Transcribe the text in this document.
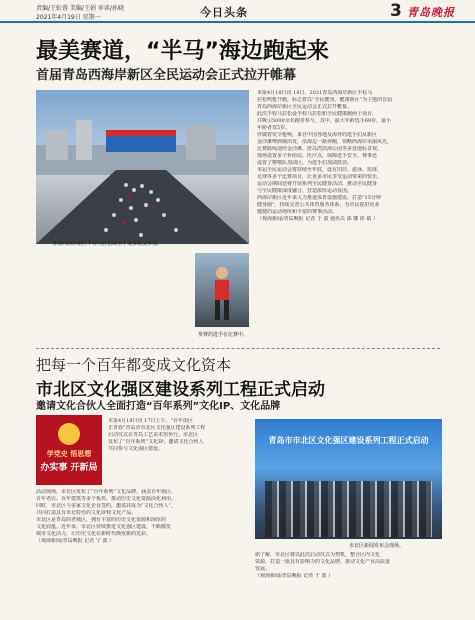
责编/王虹蓉 美编/王娟 审读/孙晓
2021年4月19日 星期一	今日头条	3 青岛晚报
最美赛道，“半马”海边跑起来
首届青岛西海岸新区全民运动会正式拉开帷幕
青岛西海岸新区半程马拉松吸引了众多跑友参加。
参赛的选手在比赛中。
本报4月18日讯 18日，2021青岛西海岸新区半程马
拉松鸣枪开跑，标志着以“全民健身，健康新区”为主题的首届
青岛西海岸新区全民运动会正式拉开帷幕。
此次半程马拉松设半程马拉松和全民健康跑两个项目，
共吸引5000余名跑者参与。其中，最大年龄选手69岁，最小
年龄者仅5岁。
伴随着发令枪响，来自中国各地及海外的选手们从新区
金沙滩啤酒城出发，沿海边一路奔跑，领略西海岸美丽风光。
比赛路线途经金沙滩、唐岛湾滨海公园等多处地标景观。
现场设置多个补给站、医疗点，保障选手安全。赛事还
设置了啦啦队加油区，为选手们加油鼓劲。
本届全民运动会将持续至年底，设有田径、游泳、篮球、
足球等多个比赛项目，让更多市民享受运动带来的快乐。
运动会期间还将开展系列全民健身活动，推动全民健身
与全民健康深度融合，营造浓厚运动氛围。
西海岸新区近年来大力推进体育设施建设，打造“15分钟
健身圈”，持续完善公共体育服务体系，为市民提供更多
便捷的运动场所和丰富的赛事活动。
（观海新闻/青岛晚报 记者 于 波 通讯员 邵 娜 徐 婧 ）
把每一个百年都变成文化资本
市北区文化强区建设系列工程正式启动
邀请文化合伙人全面打造“百年系列”文化IP、文化品牌
学党史 悟思想
办实事 开新局
本报4月18日讯 17日上午，“百年街区
正青春”青岛市市北区文化强区建设系列工程
启动仪式在青岛工艺美术馆举行。市北区
发布了“百年系列”文化IP，邀请文化合伙人
共同参与文化强区建设。
活动现场，市北区发布了“百年系列”文化品牌，涵盖百年街区、
百年老店、百年建筑等多个板块，推动历史文化资源活化利用。
同时，市北区与多家文化企业签约，邀请其成为“文化合伙人”，
共同打造具有市北特色的文化IP和文化产品。
市北区是青岛的老城区，拥有丰富的历史文化资源和深厚的
文化底蕴。近年来，市北区持续推进文化强区建设，不断激发
城市文化活力，让历史文化在新时代焕发新的光彩。
（观海新闻/青岛晚报 记者 宁 波 ）
青岛市市北区文化强区建设系列工程正式启动
市北区新闻发布会现场。
据了解，市北区将以此次启动仪式为契机，整合区内文化
资源，打造一批具有影响力的文化品牌，推动文化产业高质量
发展。
（观海新闻/青岛晚报 记者 于 波 ）
